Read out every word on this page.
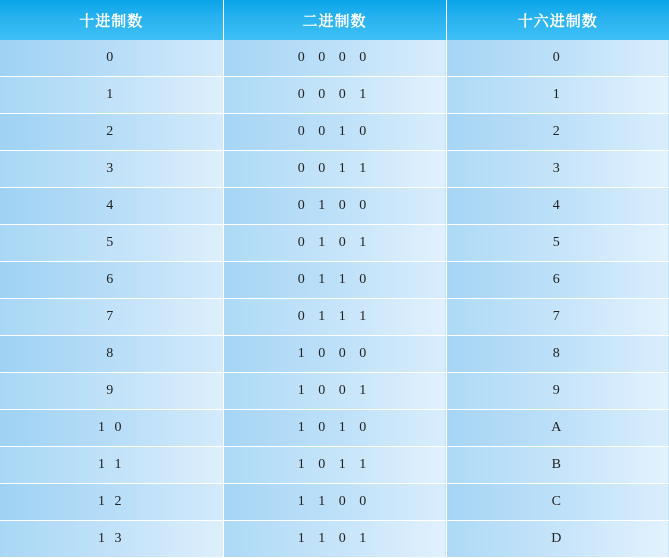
十进制数	二进制数	十六进制数
0	0 0 0 0	0
1	0 0 0 1	1
2	0 0 1 0	2
3	0 0 1 1	3
4	0 1 0 0	4
5	0 1 0 1	5
6	0 1 1 0	6
7	0 1 1 1	7
8	1 0 0 0	8
9	1 0 0 1	9
1 0	1 0 1 0	A
1 1	1 0 1 1	B
1 2	1 1 0 0	C
1 3	1 1 0 1	D
